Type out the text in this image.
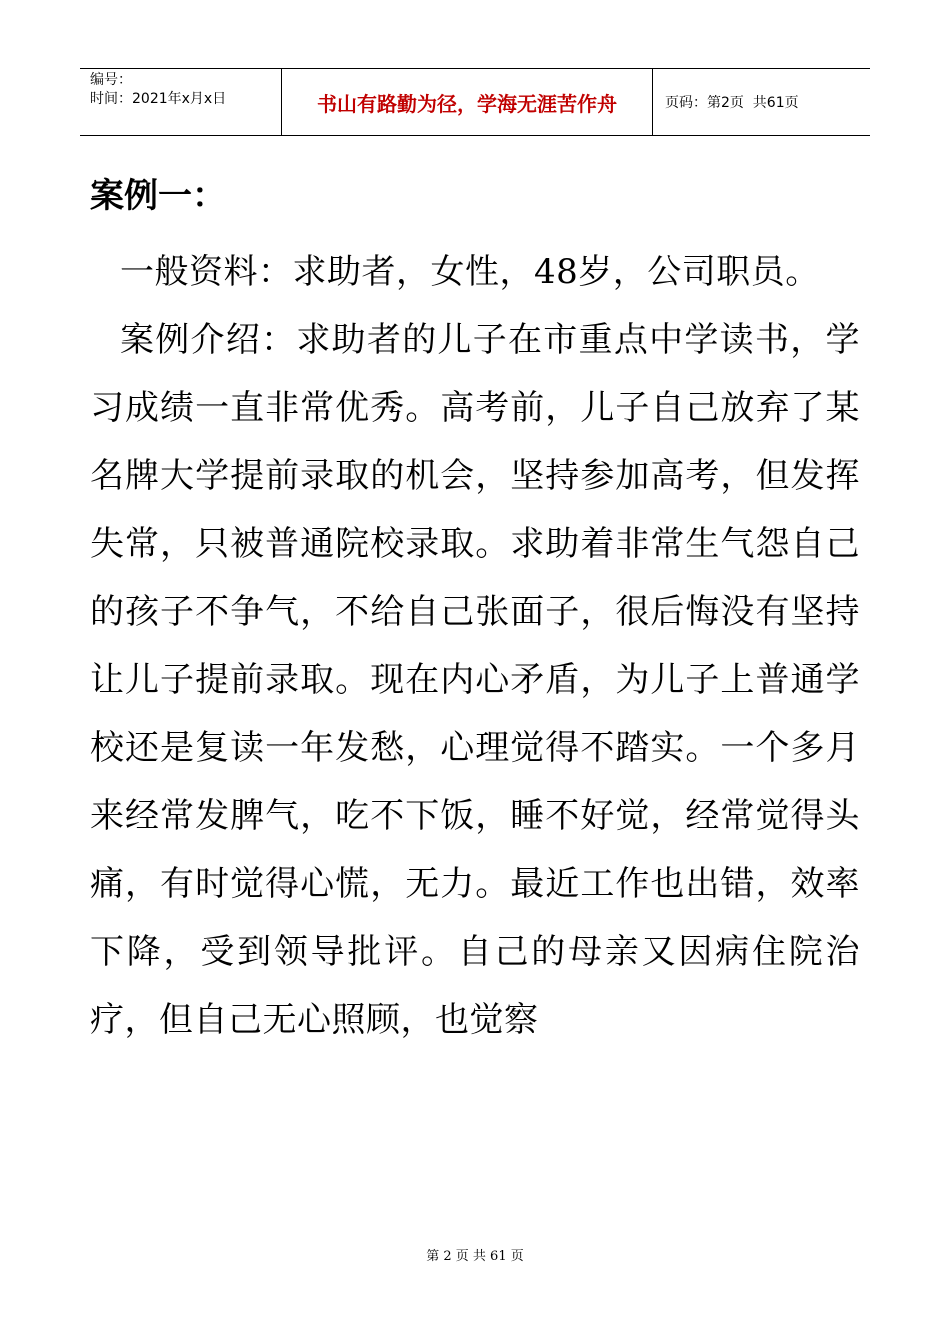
编号：
时间：2021年x月x日	书山有路勤为径，学海无涯苦作舟	页码：第2页  共61页
案例一：

一般资料：求助者，女性，48岁，公司职员。

案例介绍：求助者的儿子在市重点中学读书，学习成绩一直非常优秀。高考前，儿子自己放弃了某名牌大学提前录取的机会，坚持参加高考，但发挥失常，只被普通院校录取。求助着非常生气怨自己的孩子不争气，不给自己张面子，很后悔没有坚持让儿子提前录取。现在内心矛盾，为儿子上普通学校还是复读一年发愁，心理觉得不踏实。一个多月来经常发脾气，吃不下饭，睡不好觉，经常觉得头痛，有时觉得心慌，无力。最近工作也出错，效率下降，受到领导批评。自己的母亲又因病住院治疗，但自己无心照顾，也觉察

第 2 页 共 61 页
